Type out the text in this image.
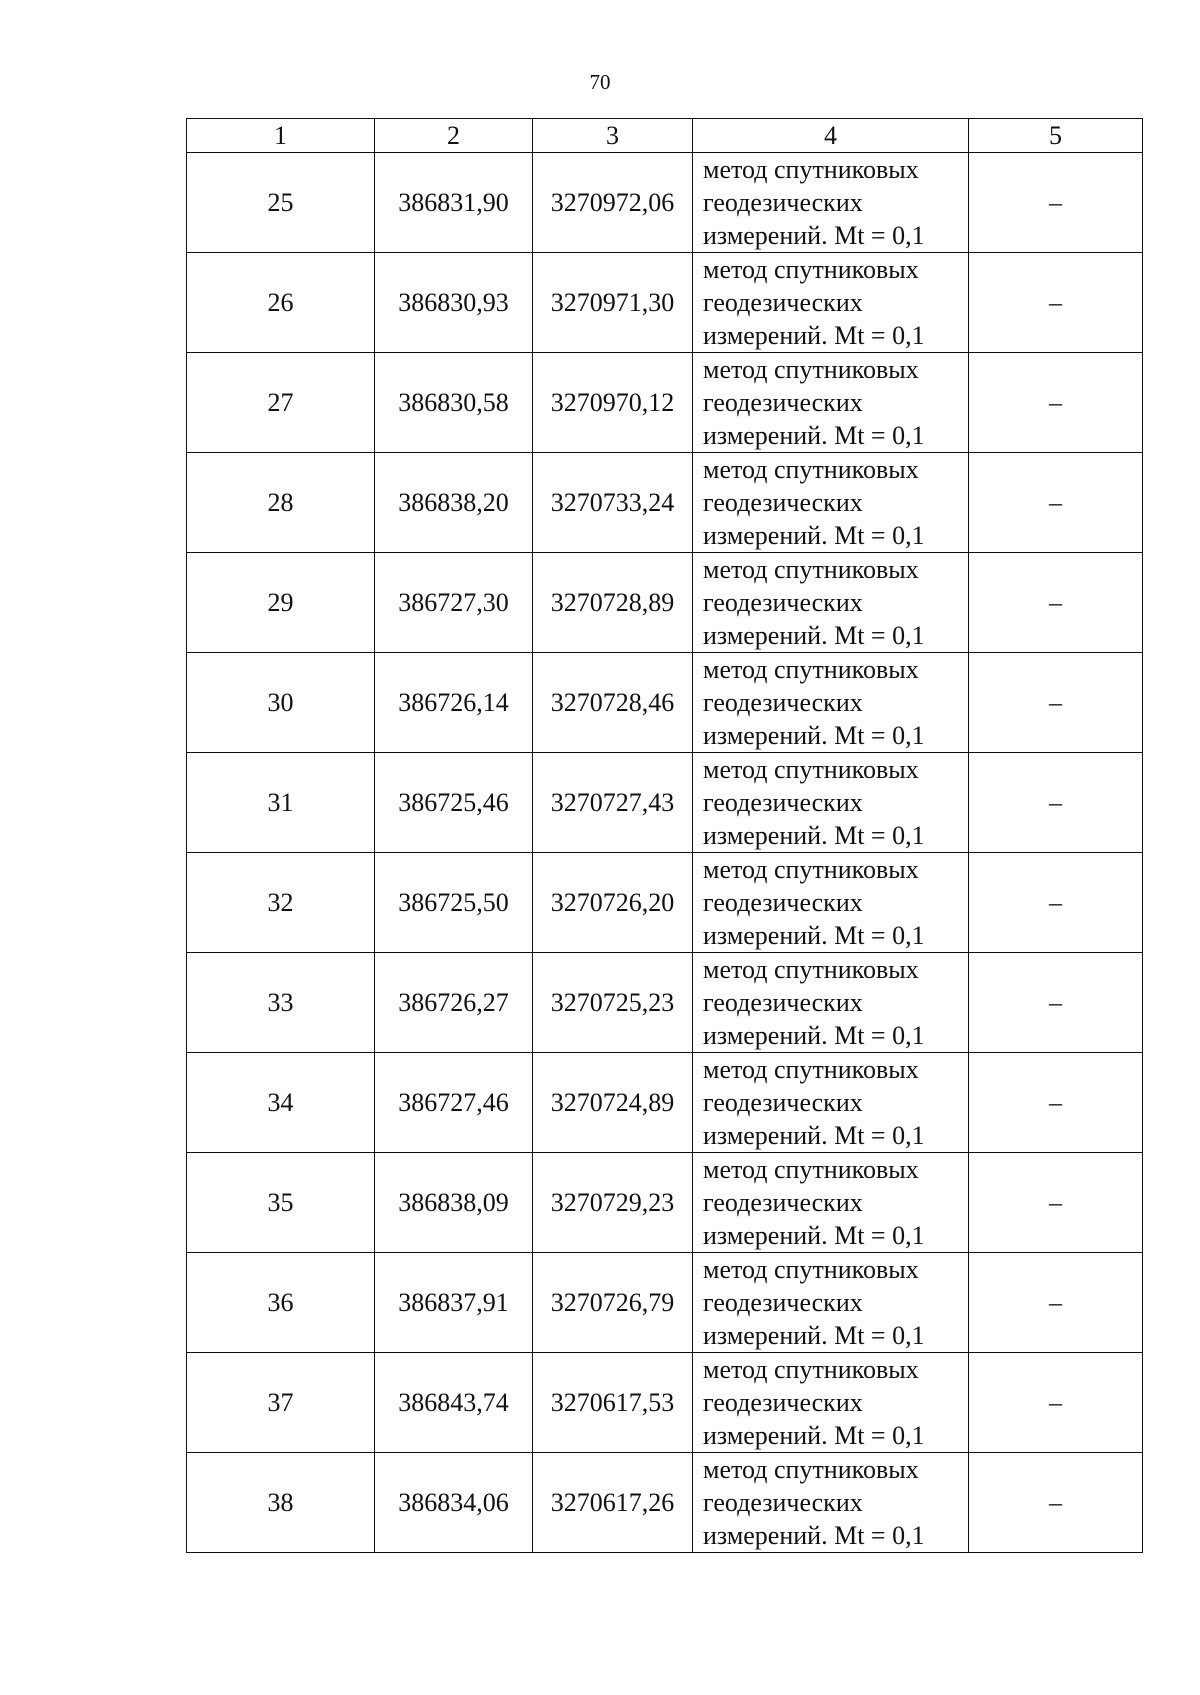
70
1	2	3	4	5
25	386831,90	3270972,06	метод спутниковых
геодезических
измерений. Mt = 0,1	–
26	386830,93	3270971,30	метод спутниковых
геодезических
измерений. Mt = 0,1	–
27	386830,58	3270970,12	метод спутниковых
геодезических
измерений. Mt = 0,1	–
28	386838,20	3270733,24	метод спутниковых
геодезических
измерений. Mt = 0,1	–
29	386727,30	3270728,89	метод спутниковых
геодезических
измерений. Mt = 0,1	–
30	386726,14	3270728,46	метод спутниковых
геодезических
измерений. Mt = 0,1	–
31	386725,46	3270727,43	метод спутниковых
геодезических
измерений. Mt = 0,1	–
32	386725,50	3270726,20	метод спутниковых
геодезических
измерений. Mt = 0,1	–
33	386726,27	3270725,23	метод спутниковых
геодезических
измерений. Mt = 0,1	–
34	386727,46	3270724,89	метод спутниковых
геодезических
измерений. Mt = 0,1	–
35	386838,09	3270729,23	метод спутниковых
геодезических
измерений. Mt = 0,1	–
36	386837,91	3270726,79	метод спутниковых
геодезических
измерений. Mt = 0,1	–
37	386843,74	3270617,53	метод спутниковых
геодезических
измерений. Mt = 0,1	–
38	386834,06	3270617,26	метод спутниковых
геодезических
измерений. Mt = 0,1	–
